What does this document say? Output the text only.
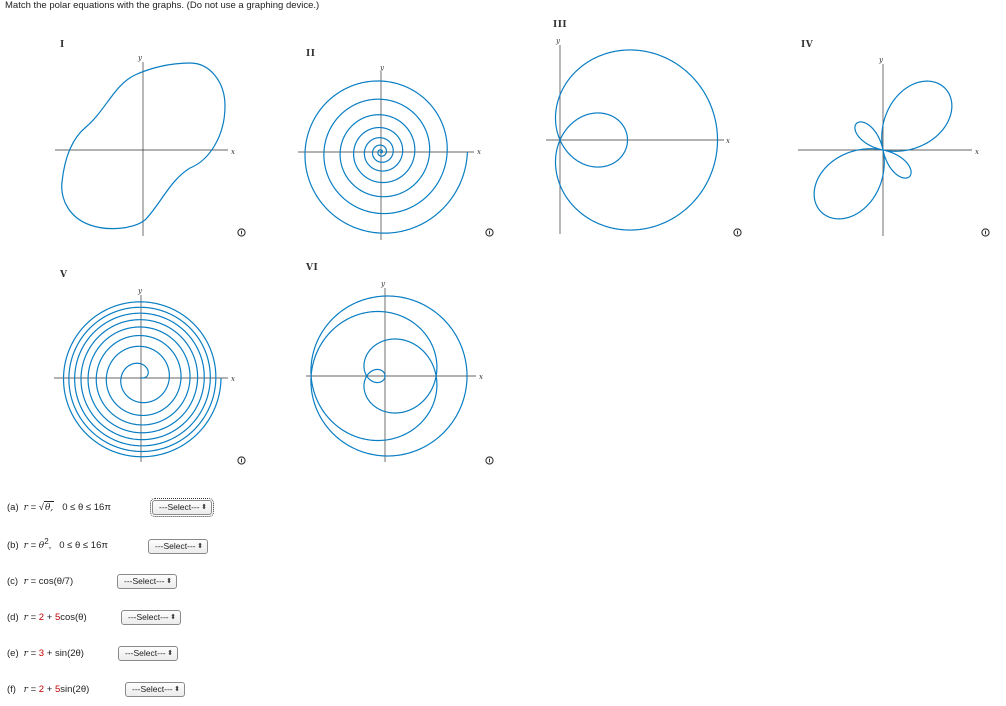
Match the polar equations with the graphs. (Do not use a graphing device.)
I
II
III
IV
V
VI
x
y
x
y
x
y
x
y
x
y
x
y
(a) r = √θ, 0 ≤ θ ≤ 16π	---Select--- ⬍
(b) $r = \theta^2$, 0 ≤ θ ≤ 16π	---Select--- ⬍
(c) r = cos(θ/7)	---Select--- ⬍
(d) r = 2 + 5cos(θ)	---Select--- ⬍
(e) r = 3 + sin(2θ)	---Select--- ⬍
(f) r = 2 + 5sin(2θ)	---Select--- ⬍
